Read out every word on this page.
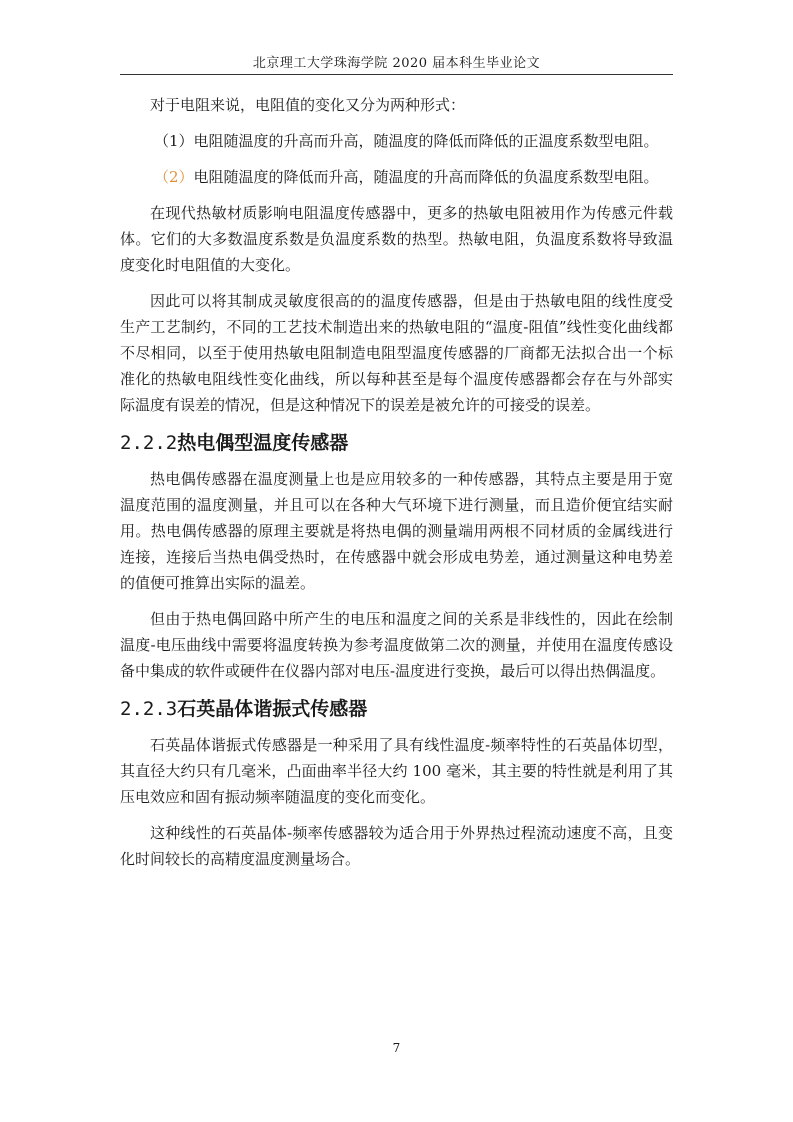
北京理工大学珠海学院 2020 届本科生毕业论文

对于电阻来说，电阻值的变化又分为两种形式：

（1）电阻随温度的升高而升高，随温度的降低而降低的正温度系数型电阻。

（2）电阻随温度的降低而升高，随温度的升高而降低的负温度系数型电阻。

在现代热敏材质影响电阻温度传感器中，更多的热敏电阻被用作为传感元件载体。它们的大多数温度系数是负温度系数的热型。热敏电阻，负温度系数将导致温度变化时电阻值的大变化。

因此可以将其制成灵敏度很高的的温度传感器，但是由于热敏电阻的线性度受生产工艺制约，不同的工艺技术制造出来的热敏电阻的“温度-阻值”线性变化曲线都不尽相同，以至于使用热敏电阻制造电阻型温度传感器的厂商都无法拟合出一个标准化的热敏电阻线性变化曲线，所以每种甚至是每个温度传感器都会存在与外部实际温度有误差的情况，但是这种情况下的误差是被允许的可接受的误差。

2.2.2热电偶型温度传感器

热电偶传感器在温度测量上也是应用较多的一种传感器，其特点主要是用于宽温度范围的温度测量，并且可以在各种大气环境下进行测量，而且造价便宜结实耐用。热电偶传感器的原理主要就是将热电偶的测量端用两根不同材质的金属线进行连接，连接后当热电偶受热时，在传感器中就会形成电势差，通过测量这种电势差的值便可推算出实际的温差。

但由于热电偶回路中所产生的电压和温度之间的关系是非线性的，因此在绘制温度-电压曲线中需要将温度转换为参考温度做第二次的测量，并使用在温度传感设备中集成的软件或硬件在仪器内部对电压-温度进行变换，最后可以得出热偶温度。

2.2.3石英晶体谐振式传感器

石英晶体谐振式传感器是一种采用了具有线性温度-频率特性的石英晶体切型，其直径大约只有几毫米，凸面曲率半径大约 100 毫米，其主要的特性就是利用了其压电效应和固有振动频率随温度的变化而变化。

这种线性的石英晶体-频率传感器较为适合用于外界热过程流动速度不高，且变化时间较长的高精度温度测量场合。

7
